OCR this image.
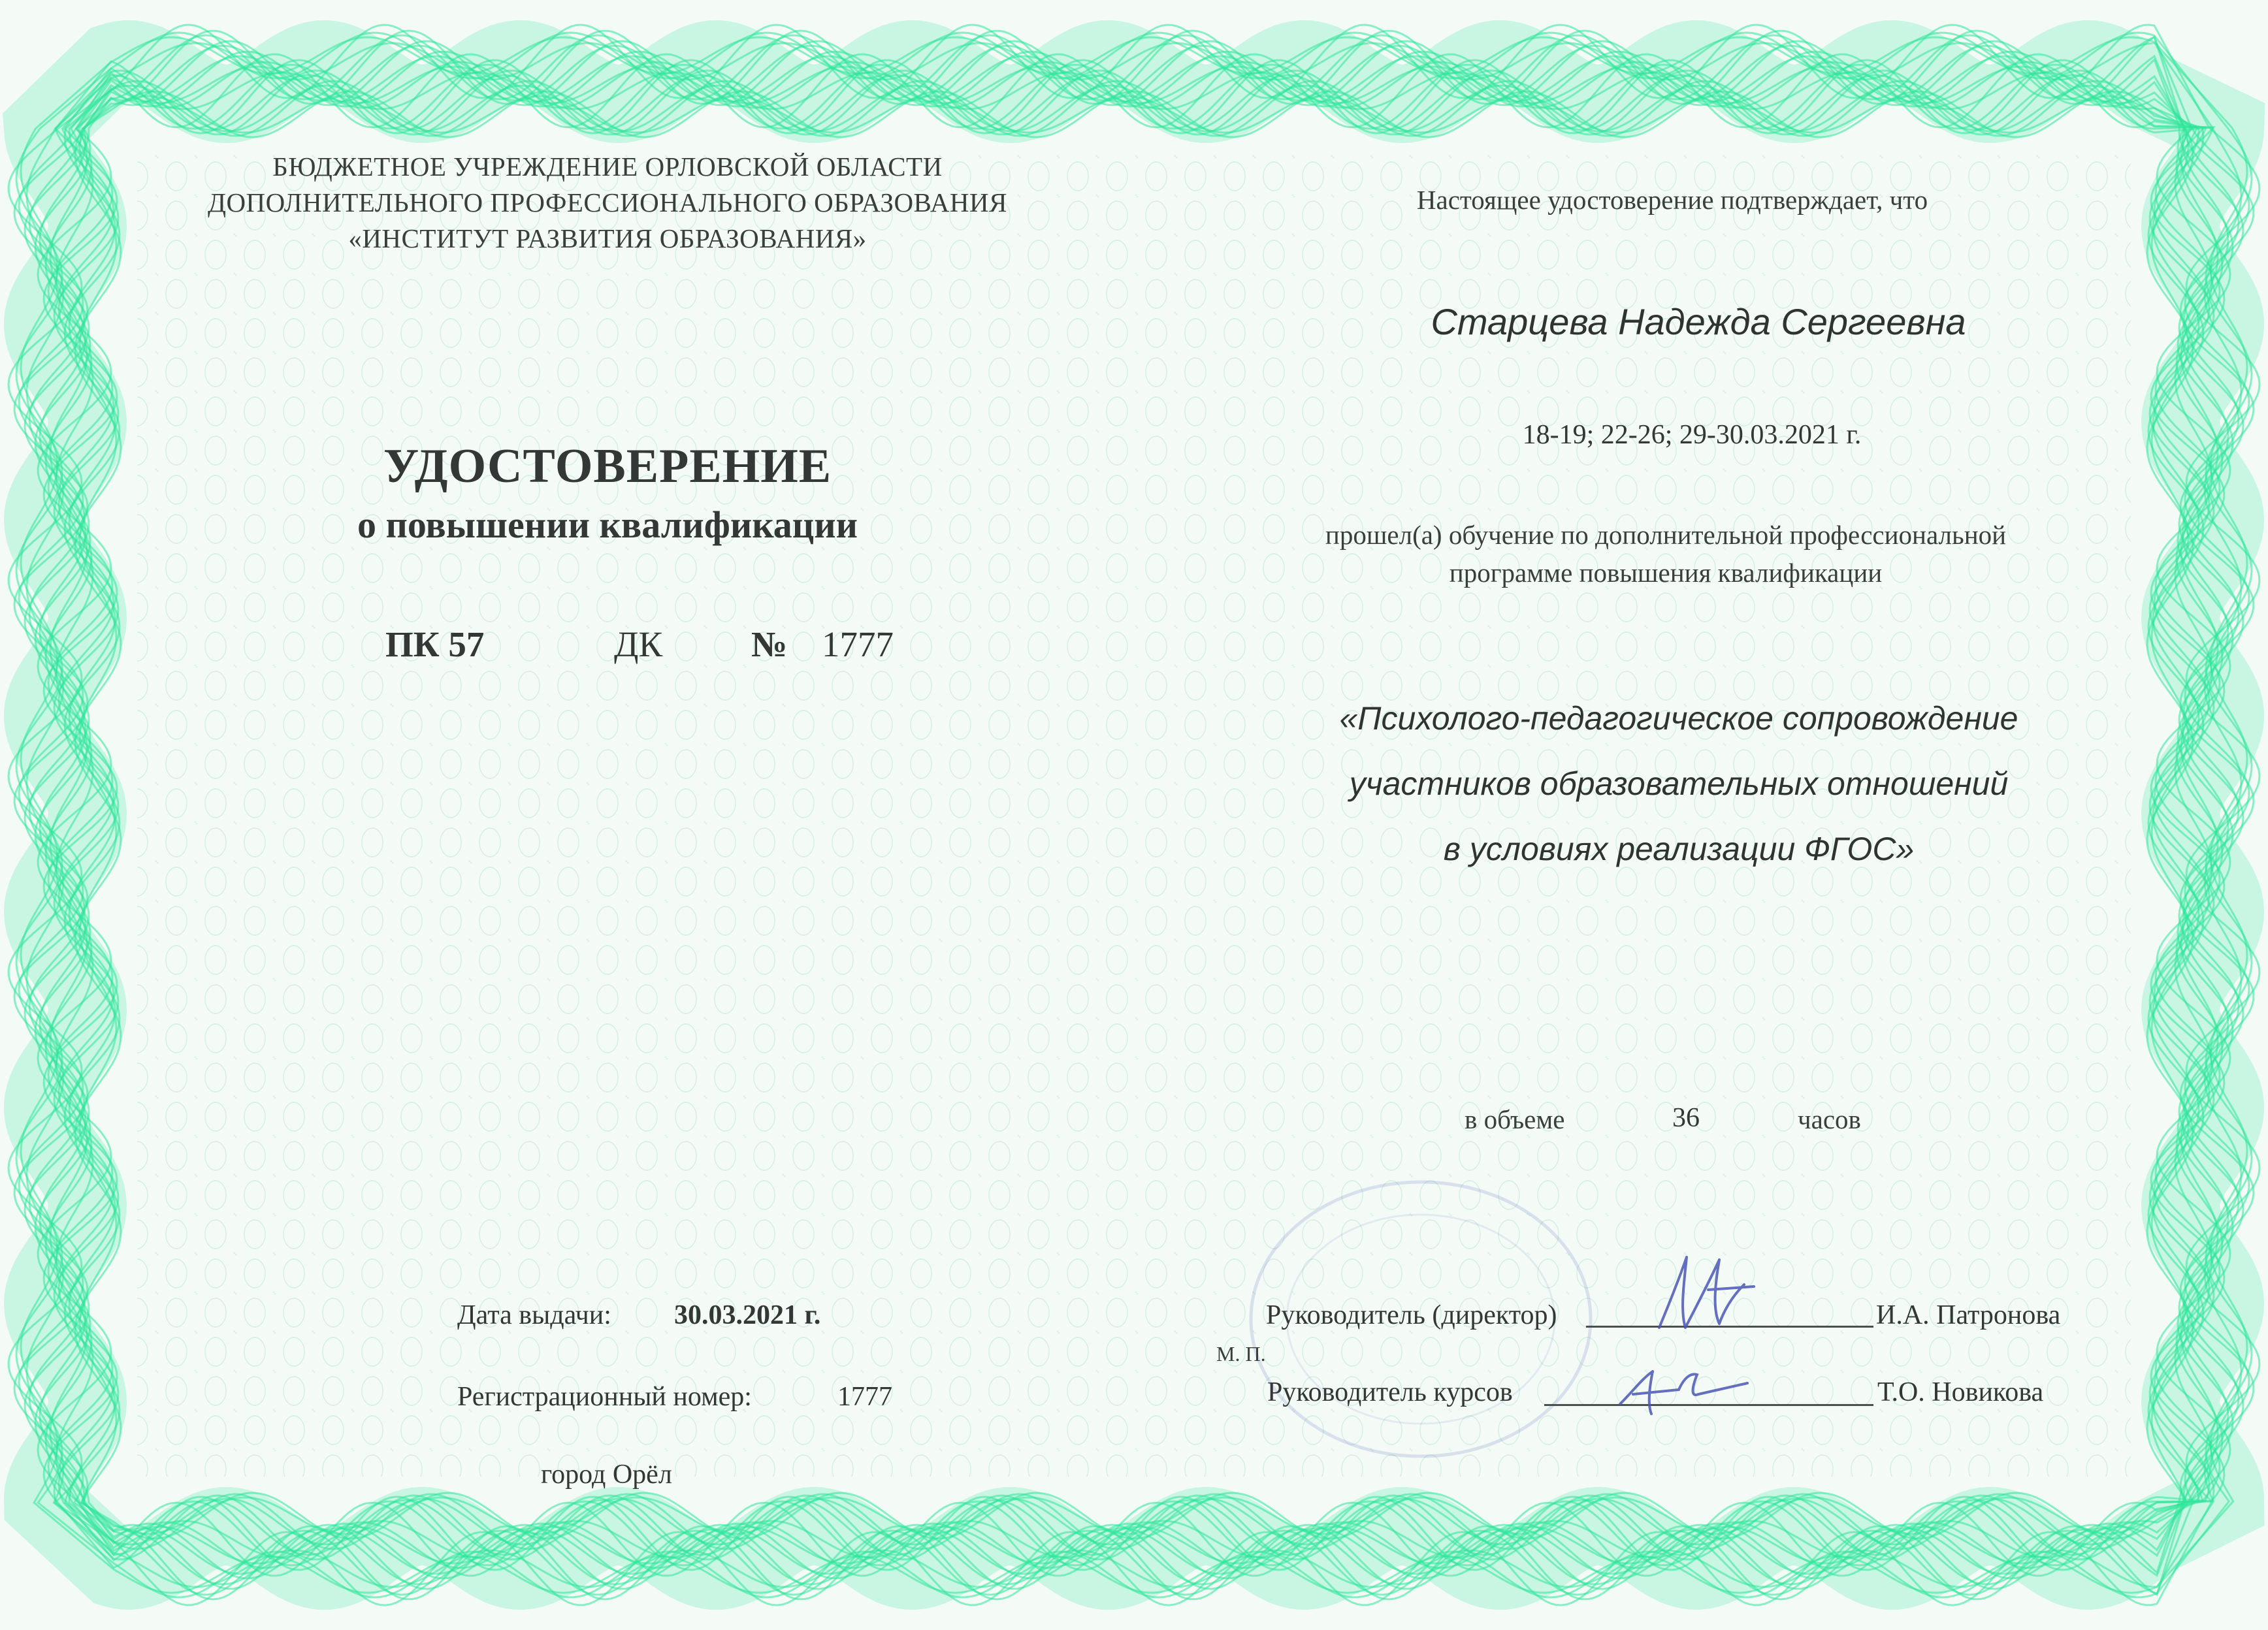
БЮДЖЕТНОЕ УЧРЕЖДЕНИЕ ОРЛОВСКОЙ ОБЛАСТИ
ДОПОЛНИТЕЛЬНОГО ПРОФЕССИОНАЛЬНОГО ОБРАЗОВАНИЯ
«ИНСТИТУТ РАЗВИТИЯ ОБРАЗОВАНИЯ»
УДОСТОВЕРЕНИЕ
о повышении квалификации
ПК 57	ДК № 1777
Дата выдачи: 30.03.2021 г.
Регистрационный номер:	1777
город Орёл
Настоящее удостоверение подтверждает, что
Старцева Надежда Сергеевна
18-19; 22-26; 29-30.03.2021 г.
прошел(а) обучение по дополнительной профессиональной
программе повышения квалификации
«Психолого-педагогическое сопровождение
участников образовательных отношений
в условиях реализации ФГОС»
в объеме	36	часов
Руководитель (директор)	И.А. Патронова
М. П.
Руководитель курсов	Т.О. Новикова
